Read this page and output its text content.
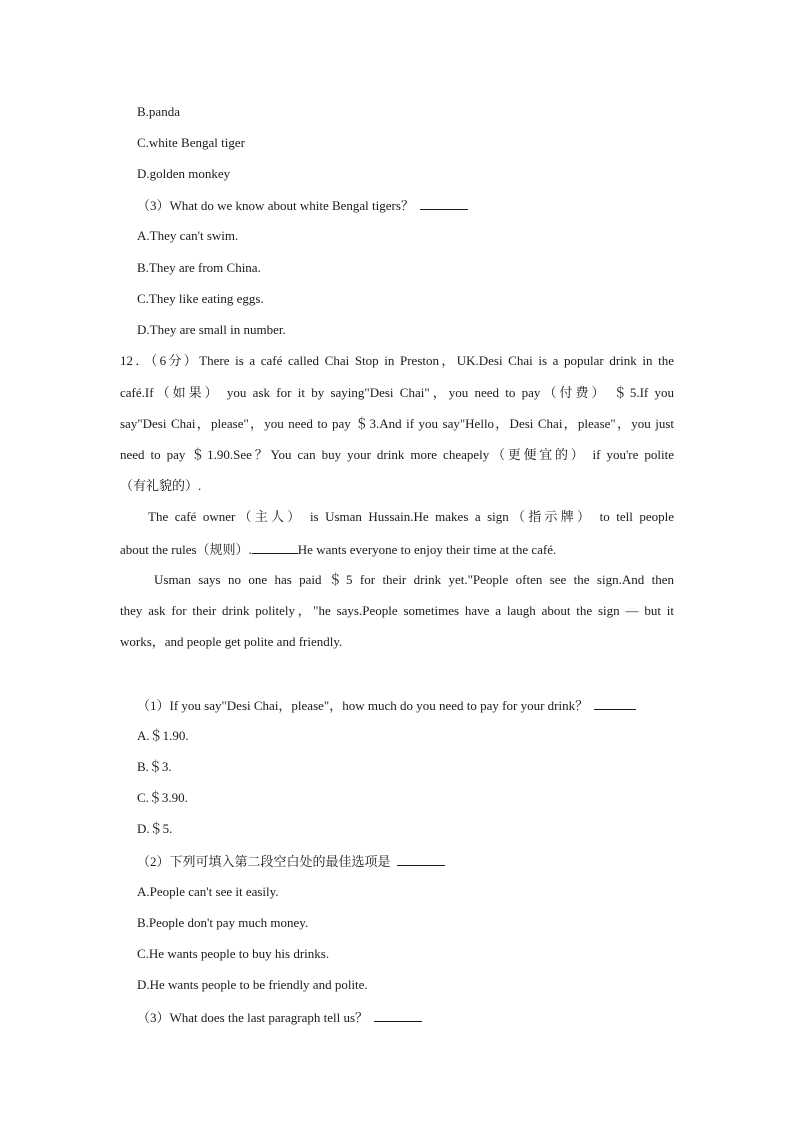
B.panda
C.white Bengal tiger
D.golden monkey
（3）What do we know about white Bengal tigers？
A.They can't swim.
B.They are from China.
C.They like eating eggs.
D.They are small in number.
12．（6分）There is a café called Chai Stop in Preston，UK.Desi Chai is a popular drink in the
café.If（如果） you ask for it by saying"Desi Chai"，you need to pay（付费） ＄5.If you
say"Desi Chai，please"，you need to pay ＄3.And if you say"Hello，Desi Chai，please"，you just
need to pay ＄1.90.See？You can buy your drink more cheapely（更便宜的） if you're polite
（有礼貌的）.
The café owner（主人） is Usman Hussain.He makes a sign（指示牌） to tell people
about the rules（规则）.	He wants everyone to enjoy their time at the café.
Usman says no one has paid ＄5 for their drink yet."People often see the sign.And then
they ask for their drink politely，"he says.People sometimes have a laugh about the sign — but it
works，and people get polite and friendly.
（1）If you say"Desi Chai，please"，how much do you need to pay for your drink？
A.＄1.90.
B.＄3.
C.＄3.90.
D.＄5.
（2）下列可填入第二段空白处的最佳选项是
A.People can't see it easily.
B.People don't pay much money.
C.He wants people to buy his drinks.
D.He wants people to be friendly and polite.
（3）What does the last paragraph tell us？
